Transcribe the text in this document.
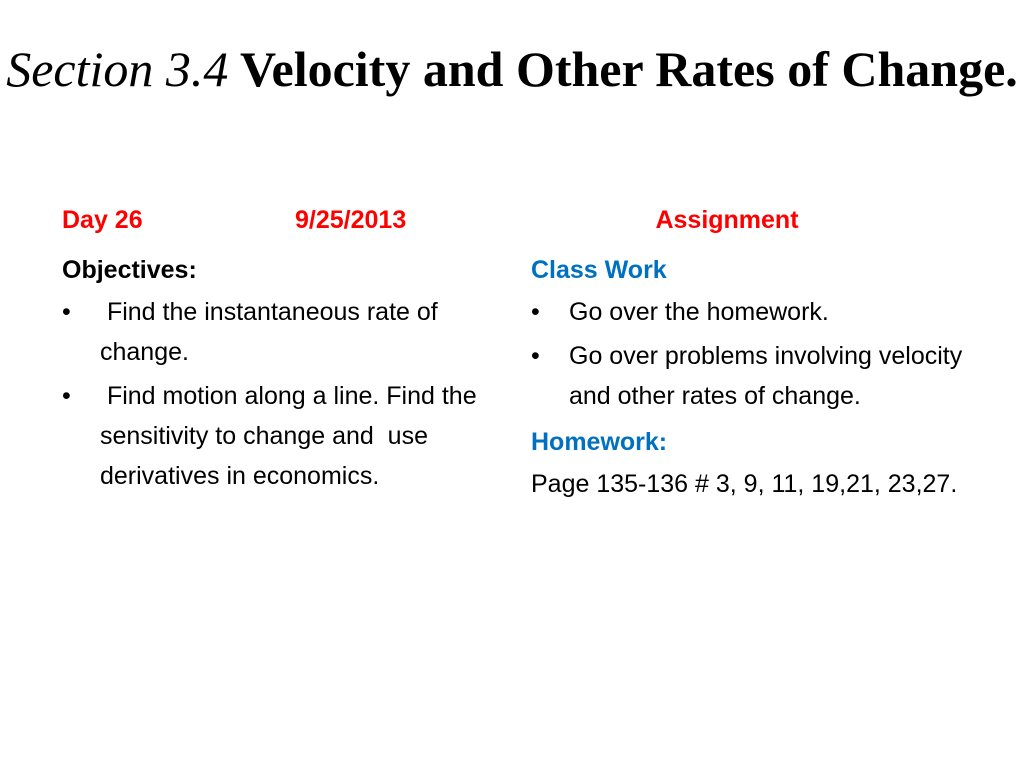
Section 3.4 Velocity and Other Rates of Change.
Day 26	9/25/2013
Objectives:
• Find the instantaneous rate of change.
• Find motion along a line. Find the sensitivity to change and  use derivatives in economics.
Assignment
Class Work
• Go over the homework.
• Go over problems involving velocity and other rates of change.
Homework:
Page 135-136 # 3, 9, 11, 19,21, 23,27.
